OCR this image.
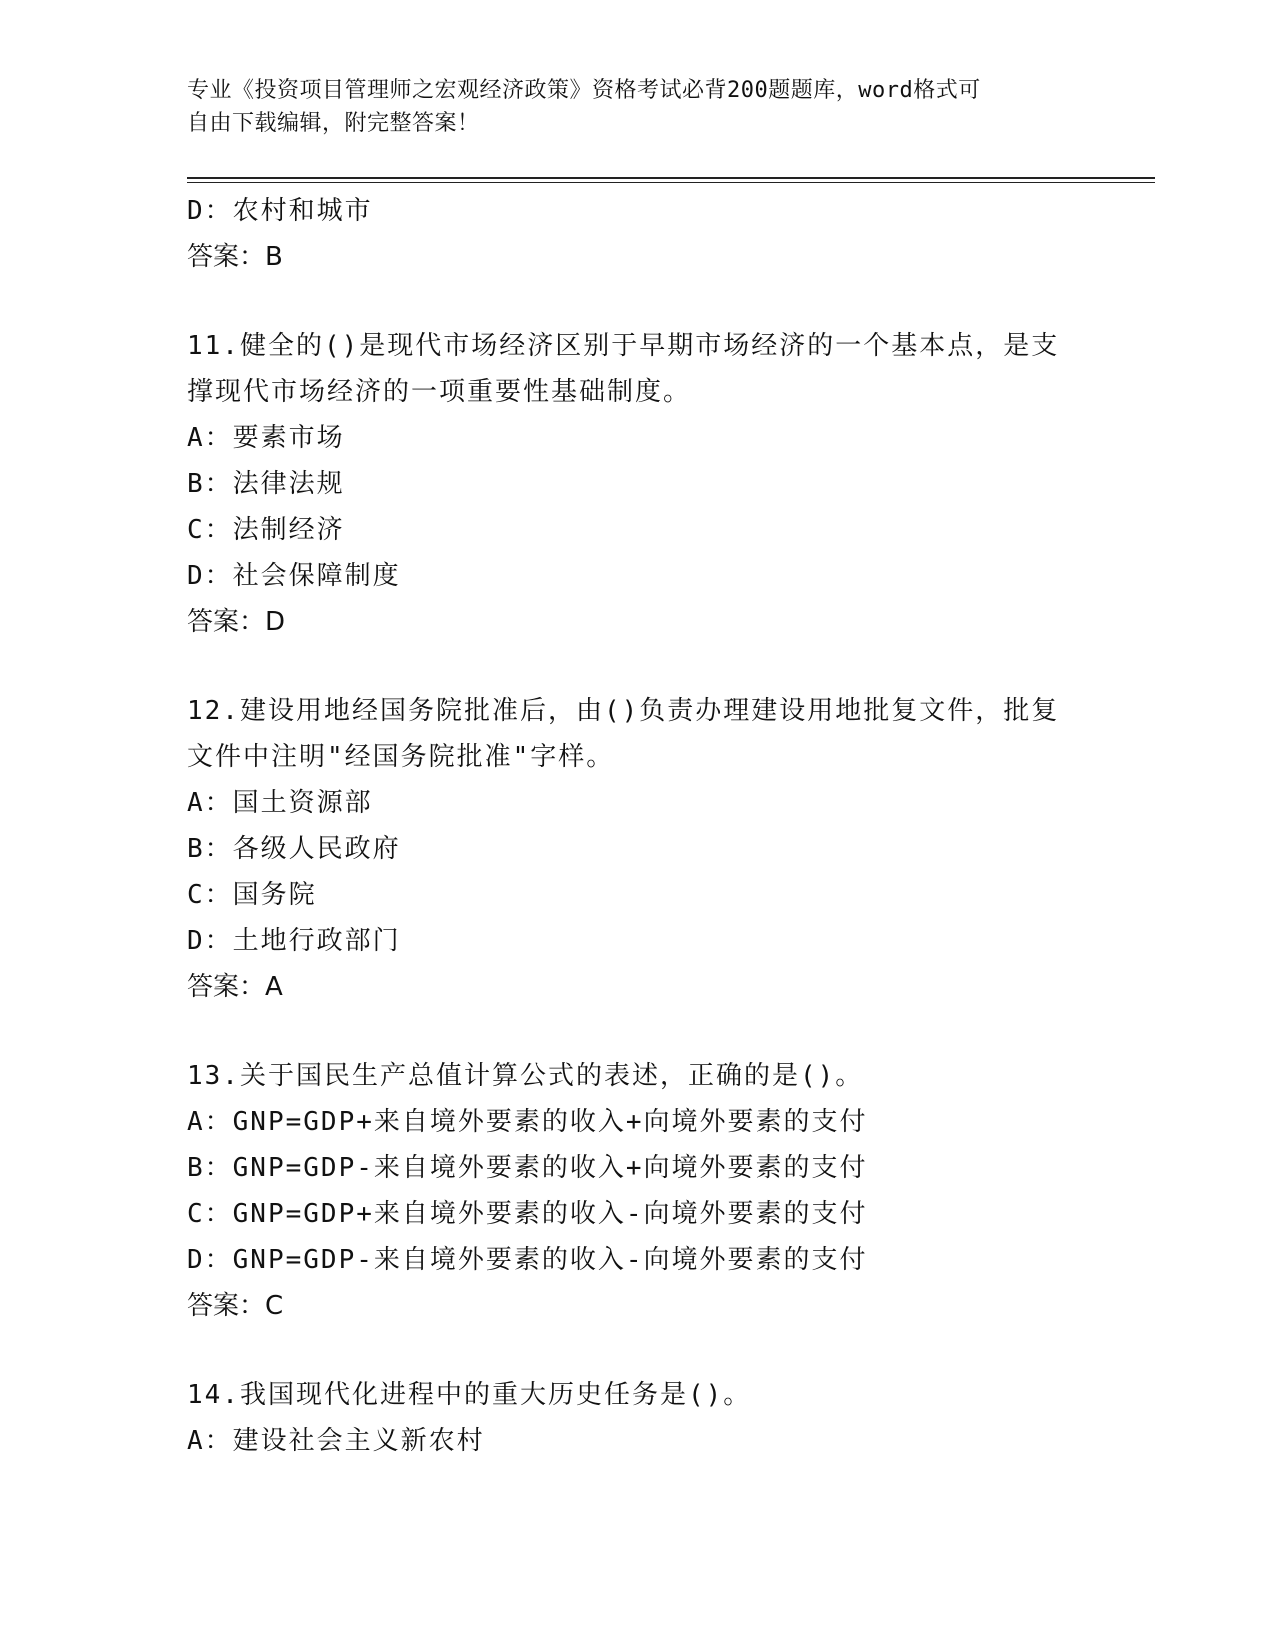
专业《投资项目管理师之宏观经济政策》资格考试必背200题题库，word格式可
自由下载编辑，附完整答案！
D：农村和城市
答案：B
11.健全的()是现代市场经济区别于早期市场经济的一个基本点，是支
撑现代市场经济的一项重要性基础制度。
A：要素市场
B：法律法规
C：法制经济
D：社会保障制度
答案：D
12.建设用地经国务院批准后，由()负责办理建设用地批复文件，批复
文件中注明"经国务院批准"字样。
A：国土资源部
B：各级人民政府
C：国务院
D：土地行政部门
答案：A
13.关于国民生产总值计算公式的表述，正确的是()。
A：GNP=GDP+来自境外要素的收入+向境外要素的支付
B：GNP=GDP-来自境外要素的收入+向境外要素的支付
C：GNP=GDP+来自境外要素的收入-向境外要素的支付
D：GNP=GDP-来自境外要素的收入-向境外要素的支付
答案：C
14.我国现代化进程中的重大历史任务是()。
A：建设社会主义新农村
